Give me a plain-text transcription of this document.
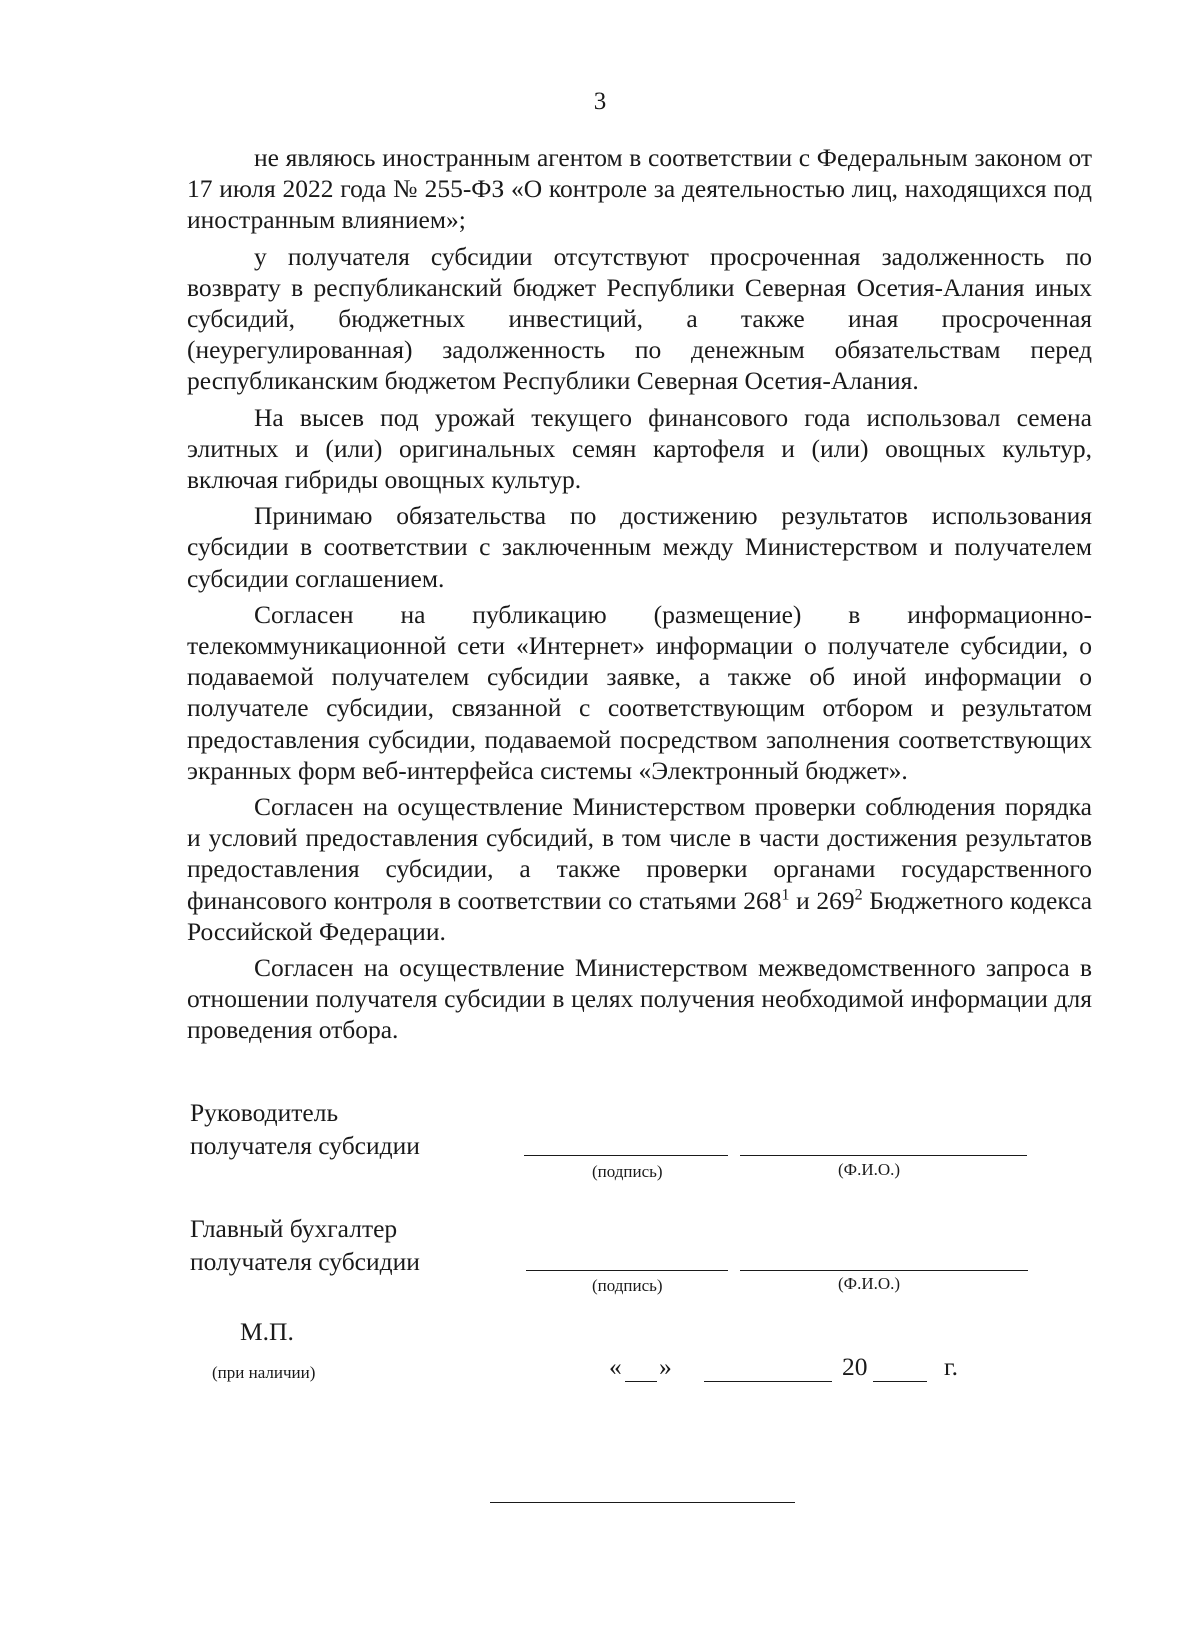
3

не являюсь иностранным агентом в соответствии с Федеральным законом от 17 июля 2022 года № 255-ФЗ «О контроле за деятельностью лиц, находящихся под иностранным влиянием»;

у получателя субсидии отсутствуют просроченная задолженность по возврату в республиканский бюджет Республики Северная Осетия-Алания иных субсидий, бюджетных инвестиций, а также иная просроченная (неурегулированная) задолженность по денежным обязательствам перед республиканским бюджетом Республики Северная Осетия-Алания.

На высев под урожай текущего финансового года использовал семена элитных и (или) оригинальных семян картофеля и (или) овощных культур, включая гибриды овощных культур.

Принимаю обязательства по достижению результатов использования субсидии в соответствии с заключенным между Министерством и получателем субсидии соглашением.

Согласен на публикацию (размещение) в информационно-телекоммуникационной сети «Интернет» информации о получателе субсидии, о подаваемой получателем субсидии заявке, а также об иной информации о получателе субсидии, связанной с соответствующим отбором и результатом предоставления субсидии, подаваемой посредством заполнения соответствующих экранных форм веб-интерфейса системы «Электронный бюджет».

Согласен на осуществление Министерством проверки соблюдения порядка и условий предоставления субсидий, в том числе в части достижения результатов предоставления субсидии, а также проверки органами государственного финансового контроля в соответствии со статьями $268^1$ и $269^2$ Бюджетного кодекса Российской Федерации.

Согласен на осуществление Министерством межведомственного запроса в отношении получателя субсидии в целях получения необходимой информации для проведения отбора.

Руководитель
получателя субсидии
(подпись)	(Ф.И.О.)
Главный бухгалтер
получателя субсидии
(подпись)	(Ф.И.О.)
М.П.
(при наличии)	« »	20	г.
